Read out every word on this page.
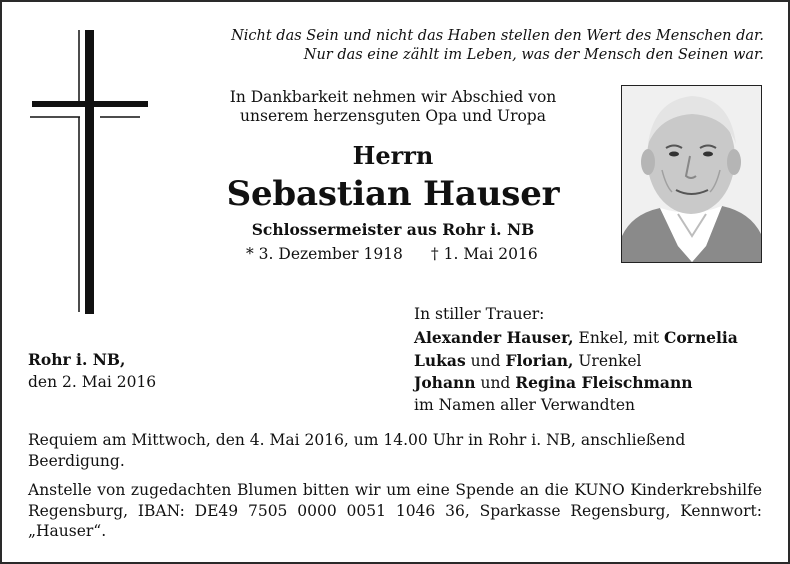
Nicht das Sein und nicht das Haben stellen den Wert des Menschen dar.
Nur das eine zählt im Leben, was der Mensch den Seinen war.
In Dankbarkeit nehmen wir Abschied von
unserem herzensguten Opa und Uropa
Herrn
Sebastian Hauser
Schlossermeister aus Rohr i. NB
* 3. Dezember 1918 † 1. Mai 2016
In stiller Trauer:
Alexander Hauser, Enkel, mit Cornelia
Lukas und Florian, Urenkel
Johann und Regina Fleischmann
im Namen aller Verwandten
Rohr i. NB,
den 2. Mai 2016
Requiem am Mittwoch, den 4. Mai 2016, um 14.00 Uhr in Rohr i. NB, anschließend Beerdigung.
Anstelle von zugedachten Blumen bitten wir um eine Spende an die KUNO Kinderkrebshilfe Regensburg, IBAN: DE49 7505 0000 0051 1046 36, Sparkasse Regensburg, Kennwort: „Hauser“.
